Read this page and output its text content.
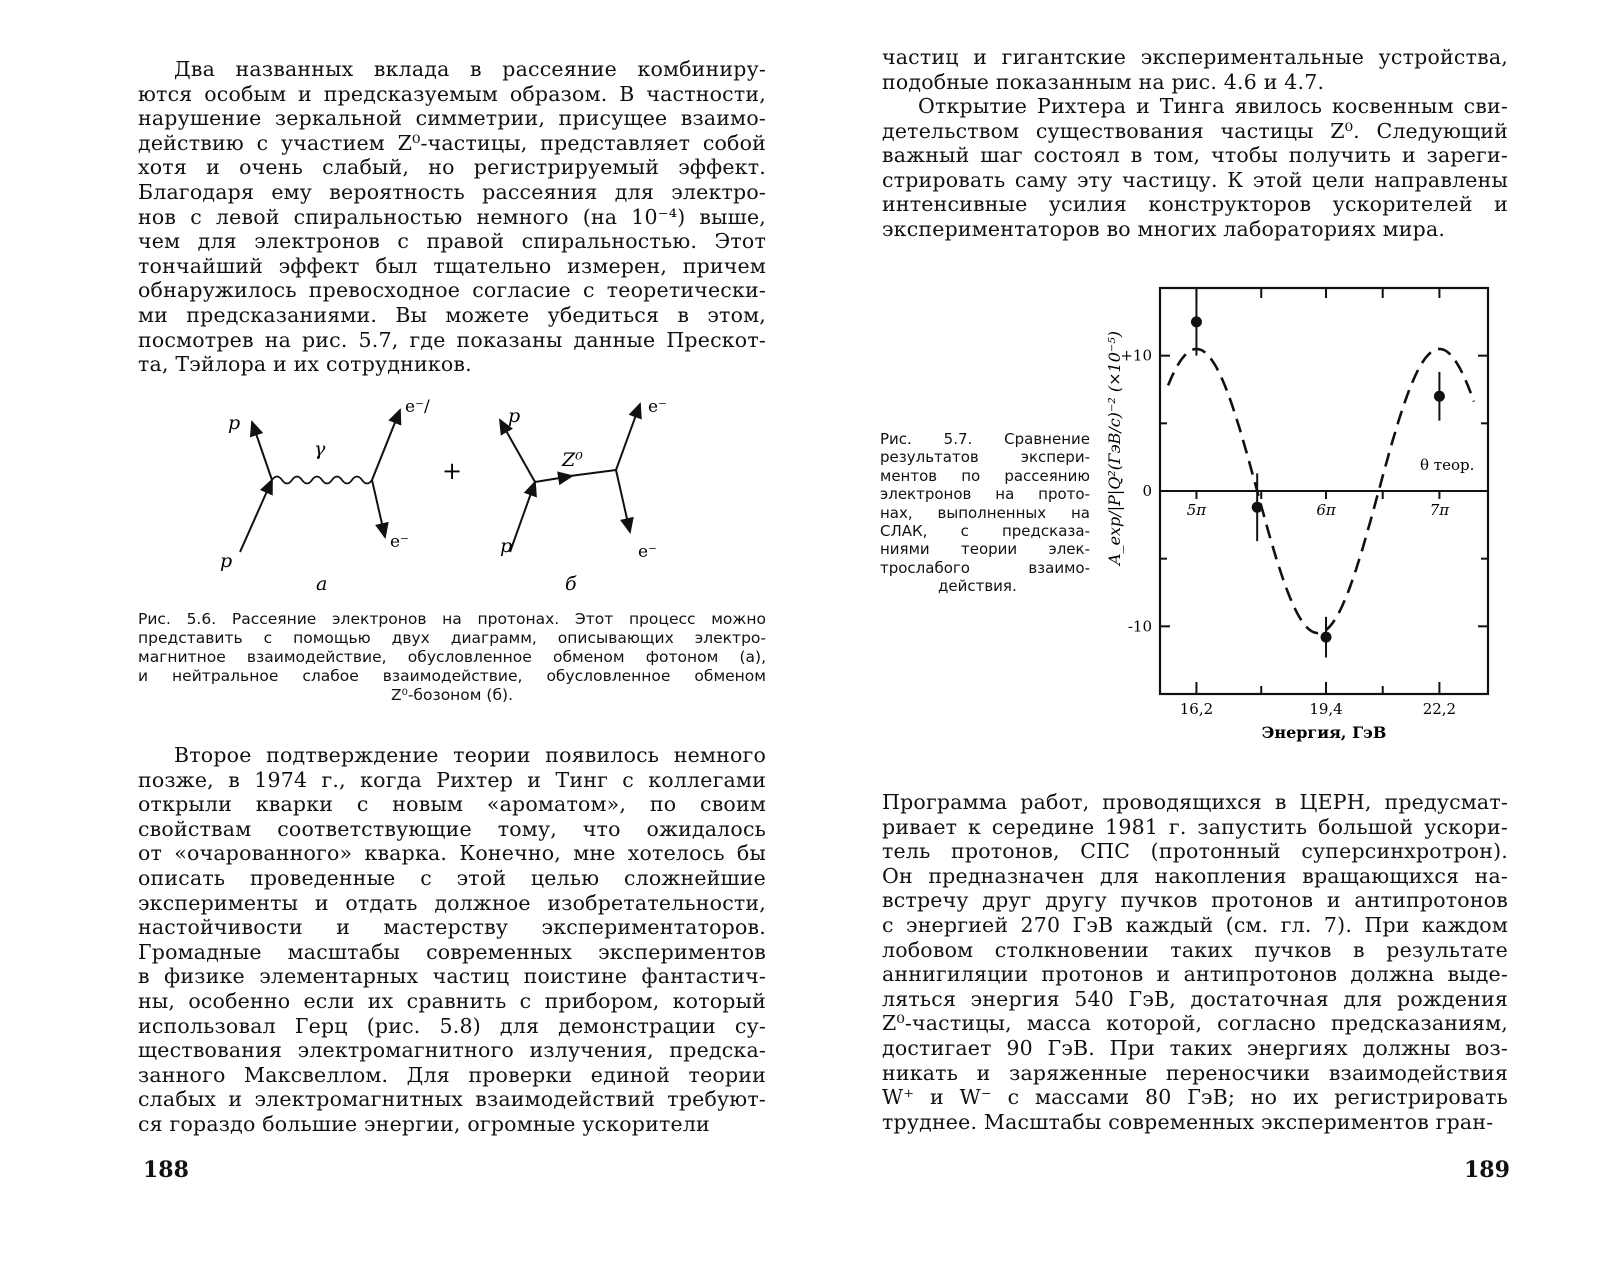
Два названных вклада в рассеяние комбиниру-
ются особым и предсказуемым образом. В частности,
нарушение зеркальной симметрии, присущее взаимо-
действию с участием Z⁰-частицы, представляет собой
хотя и очень слабый, но регистрируемый эффект.
Благодаря ему вероятность рассеяния для электро-
нов с левой спиральностью немного (на 10⁻⁴) выше,
чем для электронов с правой спиральностью. Этот
тончайший эффект был тщательно измерен, причем
обнаружилось превосходное согласие с теоретически-
ми предсказаниями. Вы можете убедиться в этом,
посмотрев на рис. 5.7, где показаны данные Прескот-
та, Тэйлора и их сотрудников.
p
p
γ
e⁻/
e⁻
а
+
p
p
Z⁰
e⁻
e⁻
б
Рис. 5.6. Рассеяние электронов на протонах. Этот процесс можно
представить с помощью двух диаграмм, описывающих электро-
магнитное взаимодействие, обусловленное обменом фотоном (а),
и нейтральное слабое взаимодействие, обусловленное обменом
Z⁰-бозоном (б).
Второе подтверждение теории появилось немного
позже, в 1974 г., когда Рихтер и Тинг с коллегами
открыли кварки с новым «ароматом», по своим
свойствам соответствующие тому, что ожидалось
от «очарованного» кварка. Конечно, мне хотелось бы
описать проведенные с этой целью сложнейшие
эксперименты и отдать должное изобретательности,
настойчивости и мастерству экспериментаторов.
Громадные масштабы современных экспериментов
в физике элементарных частиц поистине фантастич-
ны, особенно если их сравнить с прибором, который
использовал Герц (рис. 5.8) для демонстрации су-
ществования электромагнитного излучения, предска-
занного Максвеллом. Для проверки единой теории
слабых и электромагнитных взаимодействий требуют-
ся гораздо большие энергии, огромные ускорители
188
частиц и гигантские экспериментальные устройства,
подобные показанным на рис. 4.6 и 4.7.
Открытие Рихтера и Тинга явилось косвенным сви-
детельством существования частицы Z⁰. Следующий
важный шаг состоял в том, чтобы получить и зареги-
стрировать саму эту частицу. К этой цели направлены
интенсивные усилия конструкторов ускорителей и
экспериментаторов во многих лабораториях мира.
Рис. 5.7. Сравнение
результатов экспери-
ментов по рассеянию
электронов на прото-
нах, выполненных на
СЛАК, с предсказа-
ниями теории элек-
трослабого взаимо-
действия.
16,2	19,4	22,2
5π	6π	7π
+10
0
-10
A_exp/|P|Q²(ГэВ/c)⁻² (×10⁻⁵)
Энергия, ГэВ
θ теор.
Программа работ, проводящихся в ЦЕРН, предусмат-
ривает к середине 1981 г. запустить большой ускори-
тель протонов, СПС (протонный суперсинхротрон).
Он предназначен для накопления вращающихся на-
встречу друг другу пучков протонов и антипротонов
с энергией 270 ГэВ каждый (см. гл. 7). При каждом
лобовом столкновении таких пучков в результате
аннигиляции протонов и антипротонов должна выде-
ляться энергия 540 ГэВ, достаточная для рождения
Z⁰-частицы, масса которой, согласно предсказаниям,
достигает 90 ГэВ. При таких энергиях должны воз-
никать и заряженные переносчики взаимодействия
W⁺ и W⁻ с массами 80 ГэВ; но их регистрировать
труднее. Масштабы современных экспериментов гран-
189
